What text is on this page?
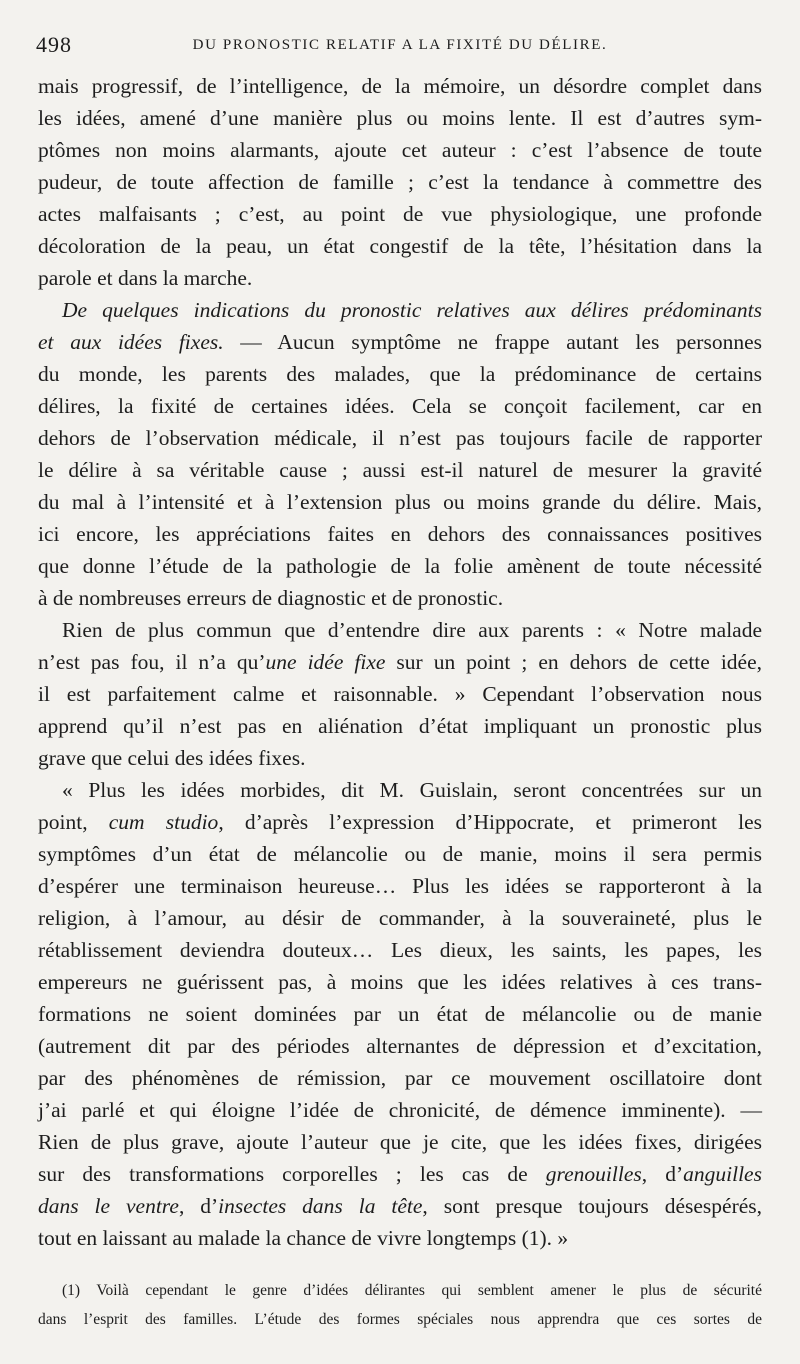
498	DU PRONOSTIC RELATIF A LA FIXITÉ DU DÉLIRE.

mais progressif, de l’intelligence, de la mémoire, un désordre complet dans
les idées, amené d’une manière plus ou moins lente. Il est d’autres sym-
ptômes non moins alarmants, ajoute cet auteur : c’est l’absence de toute
pudeur, de toute affection de famille ; c’est la tendance à commettre des
actes malfaisants ; c’est, au point de vue physiologique, une profonde
décoloration de la peau, un état congestif de la tête, l’hésitation dans la
parole et dans la marche.

De quelques indications du pronostic relatives aux délires prédominants
et aux idées fixes. — Aucun symptôme ne frappe autant les personnes
du monde, les parents des malades, que la prédominance de certains
délires, la fixité de certaines idées. Cela se conçoit facilement, car en
dehors de l’observation médicale, il n’est pas toujours facile de rapporter
le délire à sa véritable cause ; aussi est-il naturel de mesurer la gravité
du mal à l’intensité et à l’extension plus ou moins grande du délire. Mais,
ici encore, les appréciations faites en dehors des connaissances positives
que donne l’étude de la pathologie de la folie amènent de toute nécessité
à de nombreuses erreurs de diagnostic et de pronostic.

Rien de plus commun que d’entendre dire aux parents : « Notre malade
n’est pas fou, il n’a qu’une idée fixe sur un point ; en dehors de cette idée,
il est parfaitement calme et raisonnable. » Cependant l’observation nous
apprend qu’il n’est pas en aliénation d’état impliquant un pronostic plus
grave que celui des idées fixes.

« Plus les idées morbides, dit M. Guislain, seront concentrées sur un
point, cum studio, d’après l’expression d’Hippocrate, et primeront les
symptômes d’un état de mélancolie ou de manie, moins il sera permis
d’espérer une terminaison heureuse… Plus les idées se rapporteront à la
religion, à l’amour, au désir de commander, à la souveraineté, plus le
rétablissement deviendra douteux… Les dieux, les saints, les papes, les
empereurs ne guérissent pas, à moins que les idées relatives à ces trans-
formations ne soient dominées par un état de mélancolie ou de manie
(autrement dit par des périodes alternantes de dépression et d’excitation,
par des phénomènes de rémission, par ce mouvement oscillatoire dont
j’ai parlé et qui éloigne l’idée de chronicité, de démence imminente). —
Rien de plus grave, ajoute l’auteur que je cite, que les idées fixes, dirigées
sur des transformations corporelles ; les cas de grenouilles, d’anguilles
dans le ventre, d’insectes dans la tête, sont presque toujours désespérés,
tout en laissant au malade la chance de vivre longtemps (1). »

(1) Voilà cependant le genre d’idées délirantes qui semblent amener le plus de sécurité
dans l’esprit des familles. L’étude des formes spéciales nous apprendra que ces sortes de
